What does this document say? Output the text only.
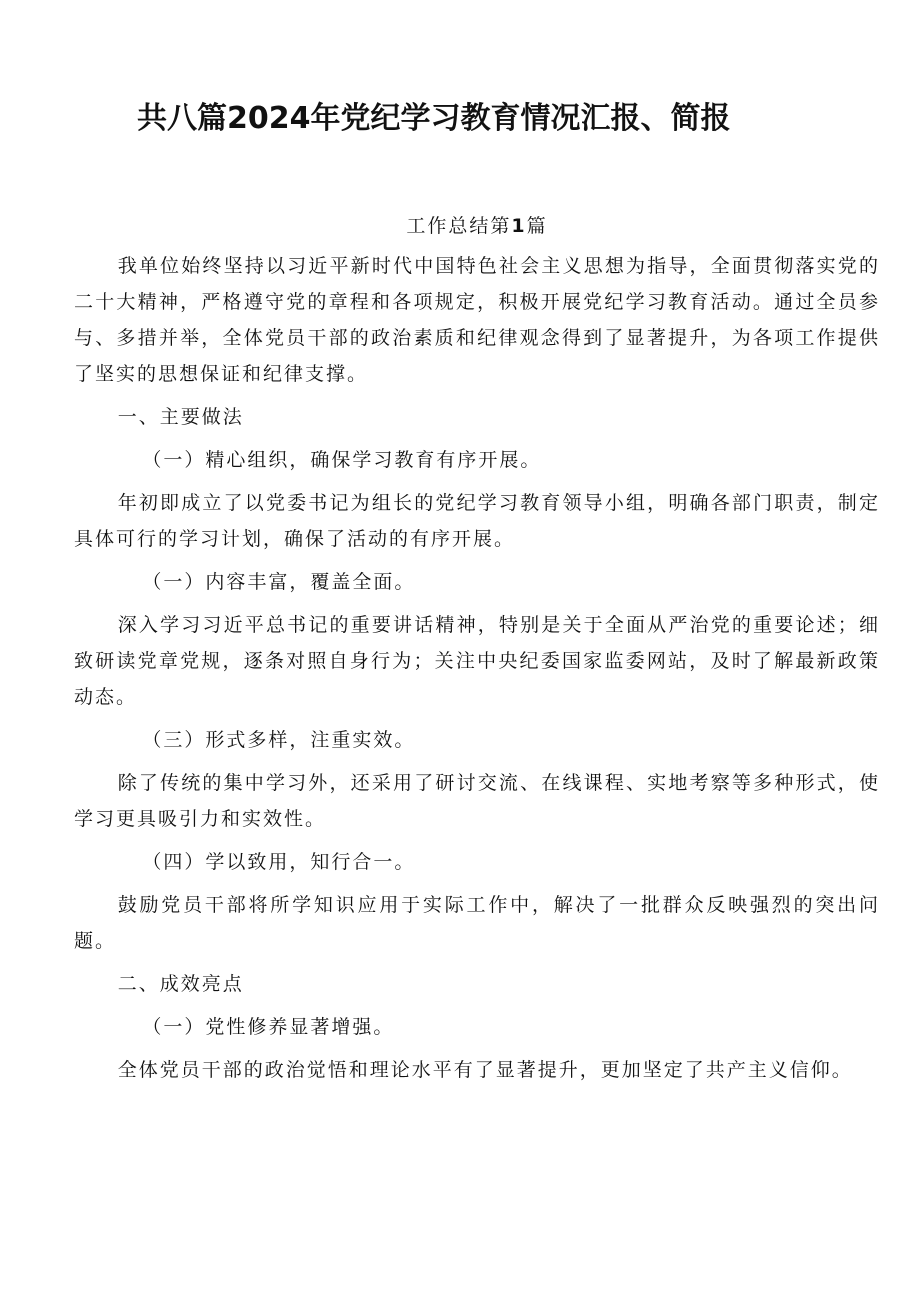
共八篇2024年党纪学习教育情况汇报、简报

工作总结第1篇

我单位始终坚持以习近平新时代中国特色社会主义思想为指导，全面贯彻落实党的二十大精神，严格遵守党的章程和各项规定，积极开展党纪学习教育活动。通过全员参与、多措并举，全体党员干部的政治素质和纪律观念得到了显著提升，为各项工作提供了坚实的思想保证和纪律支撑。

一、主要做法

（一）精心组织，确保学习教育有序开展。

年初即成立了以党委书记为组长的党纪学习教育领导小组，明确各部门职责，制定具体可行的学习计划，确保了活动的有序开展。

（一）内容丰富，覆盖全面。

深入学习习近平总书记的重要讲话精神，特别是关于全面从严治党的重要论述；细致研读党章党规，逐条对照自身行为；关注中央纪委国家监委网站，及时了解最新政策动态。

（三）形式多样，注重实效。

除了传统的集中学习外，还采用了研讨交流、在线课程、实地考察等多种形式，使学习更具吸引力和实效性。

（四）学以致用，知行合一。

鼓励党员干部将所学知识应用于实际工作中，解决了一批群众反映强烈的突出问题。

二、成效亮点

（一）党性修养显著增强。

全体党员干部的政治觉悟和理论水平有了显著提升，更加坚定了共产主义信仰。
